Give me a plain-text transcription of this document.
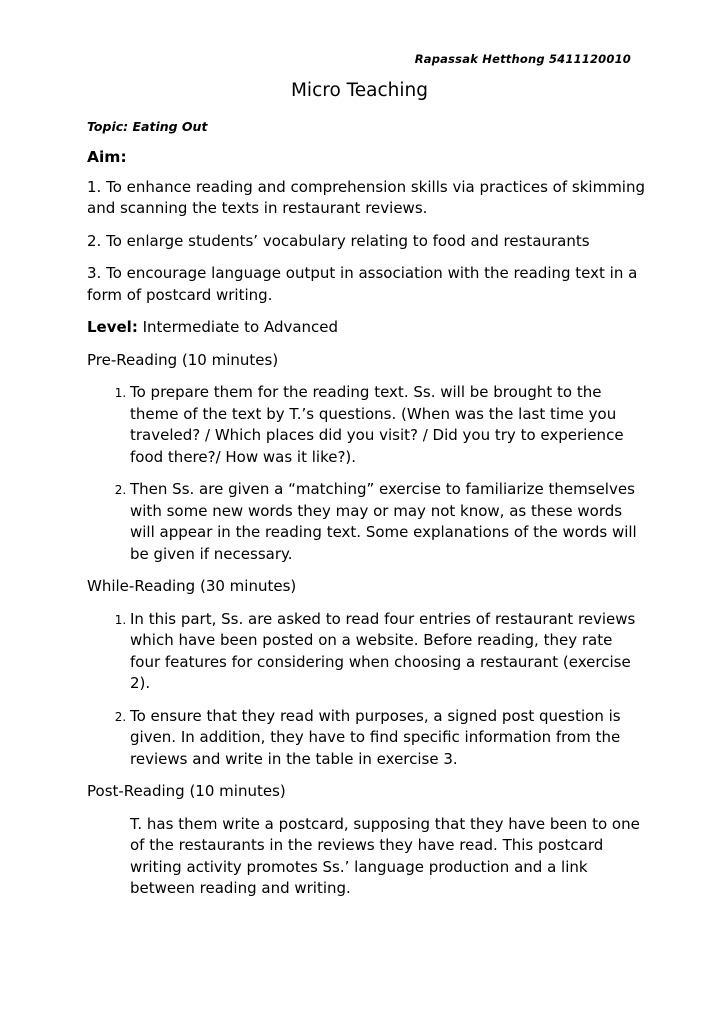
Rapassak Hetthong 5411120010
Micro Teaching
Topic: Eating Out
Aim:

1. To enhance reading and comprehension skills via practices of skimming and scanning the texts in restaurant reviews.

2. To enlarge students’ vocabulary relating to food and restaurants

3. To encourage language output in association with the reading text in a form of postcard writing.

Level: Intermediate to Advanced

Pre-Reading (10 minutes)
1. To prepare them for the reading text. Ss. will be brought to the theme of the text by T.’s questions. (When was the last time you traveled? / Which places did you visit? / Did you try to experience food there?/ How was it like?).
2. Then Ss. are given a “matching” exercise to familiarize themselves with some new words they may or may not know, as these words will appear in the reading text. Some explanations of the words will be given if necessary.
While-Reading (30 minutes)
1. In this part, Ss. are asked to read four entries of restaurant reviews which have been posted on a website. Before reading, they rate four features for considering when choosing a restaurant (exercise 2).
2. To ensure that they read with purposes, a signed post question is given. In addition, they have to find specific information from the reviews and write in the table in exercise 3.
Post-Reading (10 minutes)

T. has them write a postcard, supposing that they have been to one of the restaurants in the reviews they have read. This postcard writing activity promotes Ss.’ language production and a link between reading and writing.
